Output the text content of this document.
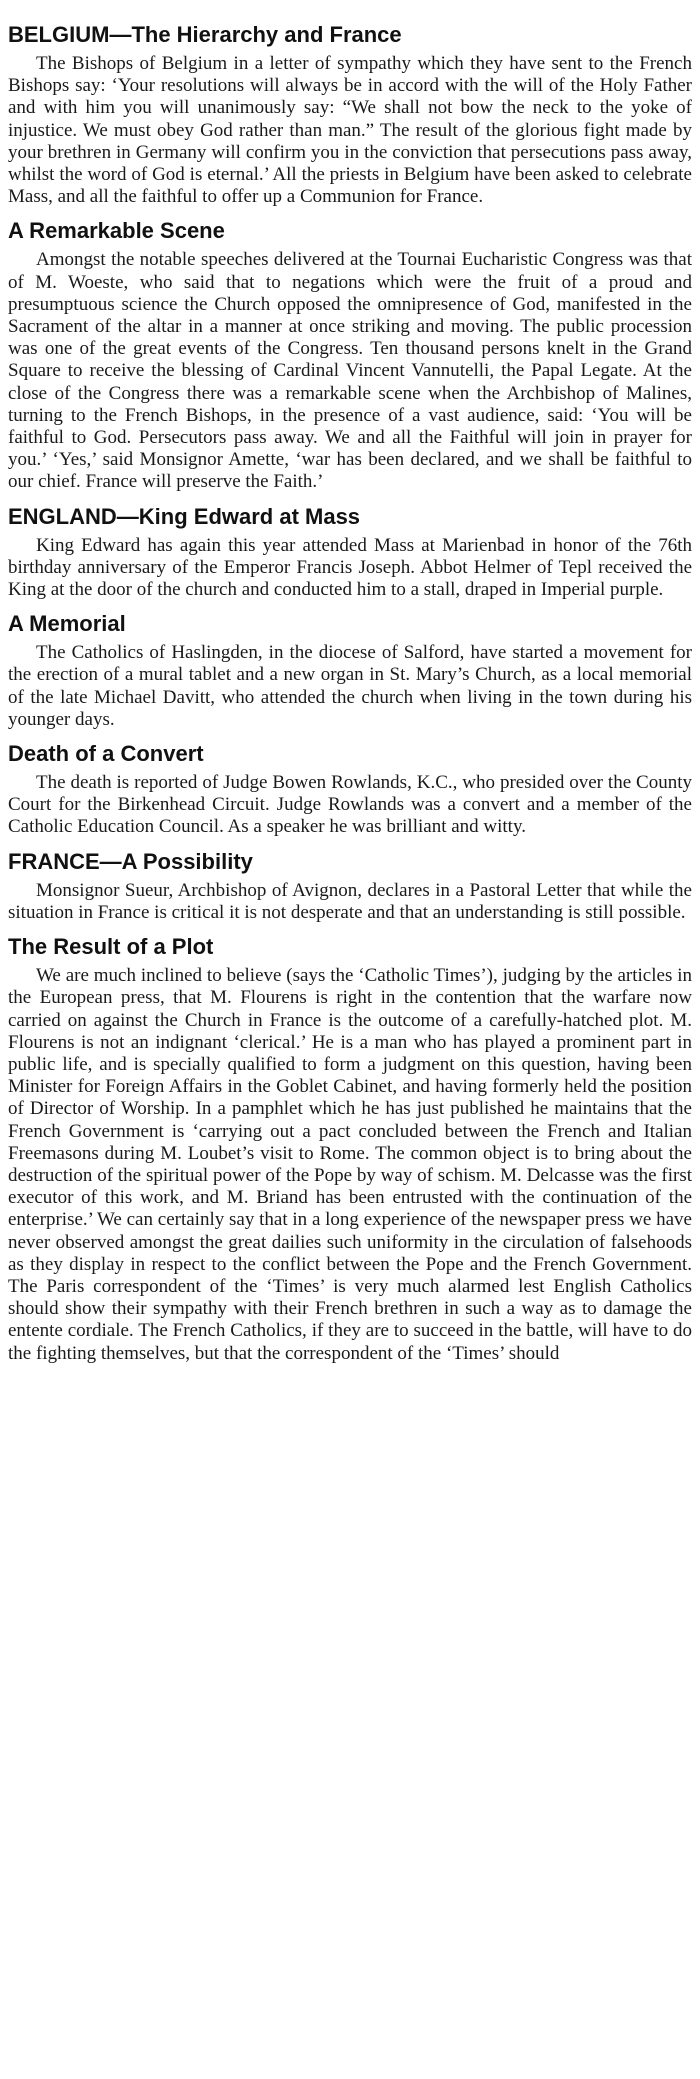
BELGIUM—The Hierarchy and France

The Bishops of Belgium in a letter of sympathy which they have sent to the French Bishops say: ‘Your resolutions will always be in accord with the will of the Holy Father and with him you will unanimously say: “We shall not bow the neck to the yoke of injustice. We must obey God rather than man.” The result of the glorious fight made by your brethren in Germany will confirm you in the conviction that persecutions pass away, whilst the word of God is eternal.’ All the priests in Belgium have been asked to celebrate Mass, and all the faithful to offer up a Communion for France.

A Remarkable Scene

Amongst the notable speeches delivered at the Tournai Eucharistic Congress was that of M. Woeste, who said that to negations which were the fruit of a proud and presumptuous science the Church opposed the omnipresence of God, manifested in the Sacrament of the altar in a manner at once striking and moving. The public procession was one of the great events of the Congress. Ten thousand persons knelt in the Grand Square to receive the blessing of Cardinal Vincent Vannutelli, the Papal Legate. At the close of the Congress there was a remarkable scene when the Archbishop of Malines, turning to the French Bishops, in the presence of a vast audience, said: ‘You will be faithful to God. Persecutors pass away. We and all the Faithful will join in prayer for you.’ ‘Yes,’ said Monsignor Amette, ‘war has been declared, and we shall be faithful to our chief. France will preserve the Faith.’

ENGLAND—King Edward at Mass

King Edward has again this year attended Mass at Marienbad in honor of the 76th birthday anniversary of the Emperor Francis Joseph. Abbot Helmer of Tepl received the King at the door of the church and conducted him to a stall, draped in Imperial purple.

A Memorial

The Catholics of Haslingden, in the diocese of Salford, have started a movement for the erection of a mural tablet and a new organ in St. Mary’s Church, as a local memorial of the late Michael Davitt, who attended the church when living in the town during his younger days.

Death of a Convert

The death is reported of Judge Bowen Rowlands, K.C., who presided over the County Court for the Birkenhead Circuit. Judge Rowlands was a convert and a member of the Catholic Education Council. As a speaker he was brilliant and witty.

FRANCE—A Possibility

Monsignor Sueur, Archbishop of Avignon, declares in a Pastoral Letter that while the situation in France is critical it is not desperate and that an understanding is still possible.

The Result of a Plot

We are much inclined to believe (says the ‘Catholic Times’), judging by the articles in the European press, that M. Flourens is right in the contention that the warfare now carried on against the Church in France is the outcome of a carefully-hatched plot. M. Flourens is not an indignant ‘clerical.’ He is a man who has played a prominent part in public life, and is specially qualified to form a judgment on this question, having been Minister for Foreign Affairs in the Goblet Cabinet, and having formerly held the position of Director of Worship. In a pamphlet which he has just published he maintains that the French Government is ‘carrying out a pact concluded between the French and Italian Freemasons during M. Loubet’s visit to Rome. The common object is to bring about the destruction of the spiritual power of the Pope by way of schism. M. Delcasse was the first executor of this work, and M. Briand has been entrusted with the continuation of the enterprise.’ We can certainly say that in a long experience of the newspaper press we have never observed amongst the great dailies such uniformity in the circulation of falsehoods as they display in respect to the conflict between the Pope and the French Government. The Paris correspondent of the ‘Times’ is very much alarmed lest English Catholics should show their sympathy with their French brethren in such a way as to damage the entente cordiale. The French Catholics, if they are to succeed in the battle, will have to do the fighting themselves, but that the correspondent of the ‘Times’ should
